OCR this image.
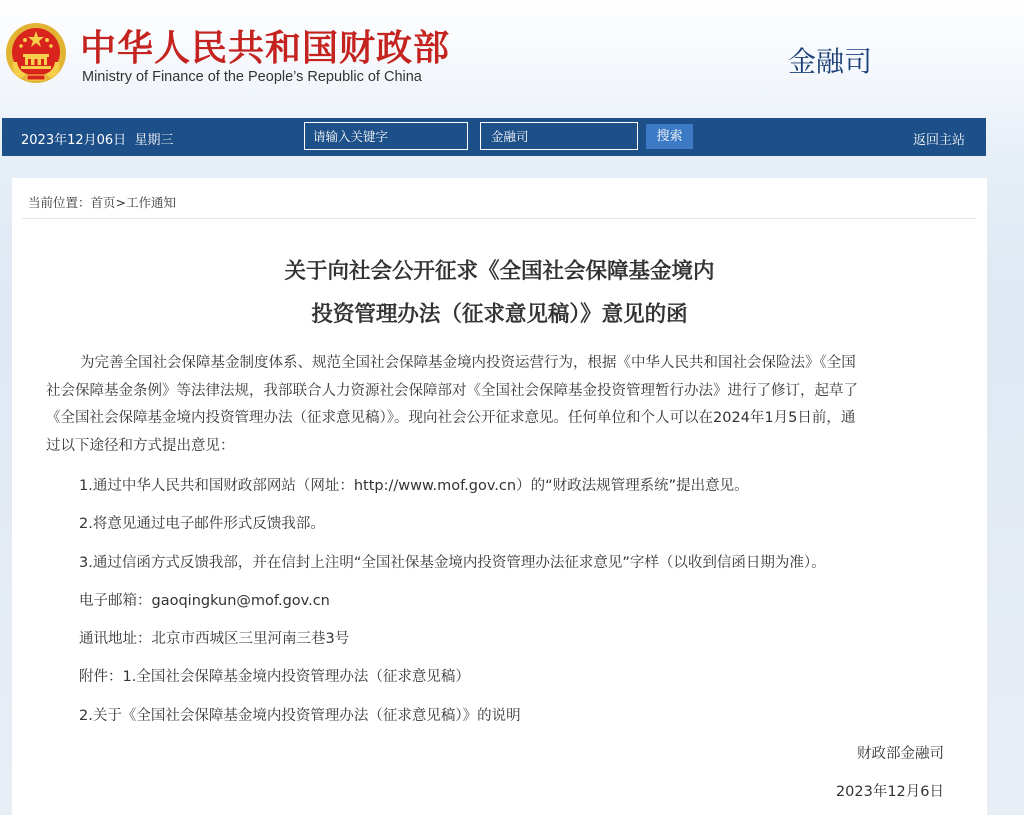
中华人民共和国财政部
Ministry of Finance of the People’s Republic of China	金融司
2023年12月06日 星期三
请输入关键字
金融司	搜索	返回主站
当前位置：首页>工作通知
关于向社会公开征求《全国社会保障基金境内
投资管理办法（征求意见稿）》意见的函

为完善全国社会保障基金制度体系、规范全国社会保障基金境内投资运营行为，根据《中华人民共和国社会保险法》《全国
社会保障基金条例》等法律法规，我部联合人力资源社会保障部对《全国社会保障基金投资管理暂行办法》进行了修订，起草了
《全国社会保障基金境内投资管理办法（征求意见稿）》。现向社会公开征求意见。任何单位和个人可以在2024年1月5日前，通
过以下途径和方式提出意见：

1.通过中华人民共和国财政部网站（网址：http://www.mof.gov.cn）的“财政法规管理系统”提出意见。
2.将意见通过电子邮件形式反馈我部。
3.通过信函方式反馈我部，并在信封上注明“全国社保基金境内投资管理办法征求意见”字样（以收到信函日期为准）。
电子邮箱：gaoqingkun@mof.gov.cn
通讯地址：北京市西城区三里河南三巷3号
附件：1.全国社会保障基金境内投资管理办法（征求意见稿）
2.关于《全国社会保障基金境内投资管理办法（征求意见稿）》的说明
财政部金融司
2023年12月6日
